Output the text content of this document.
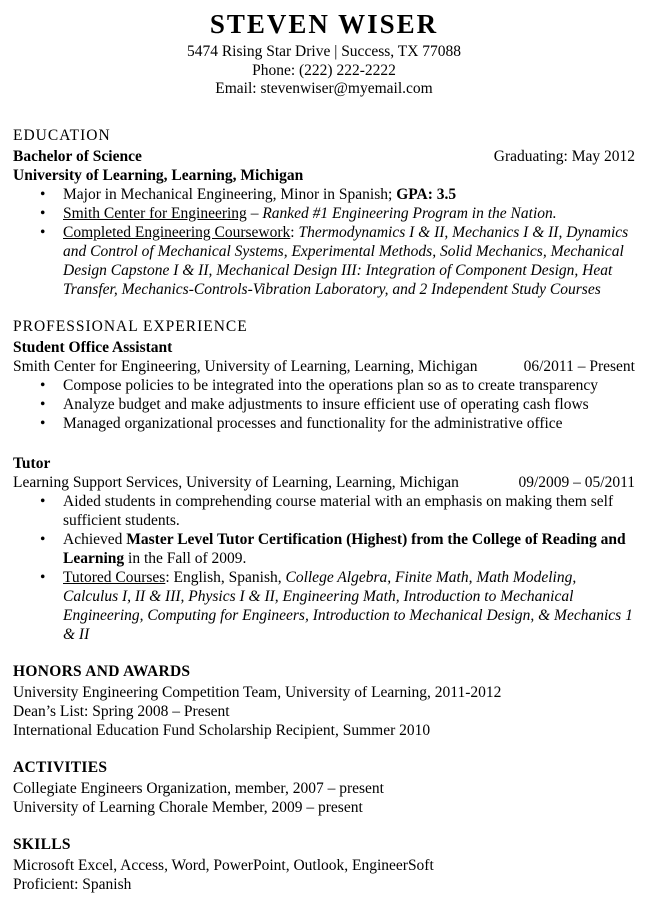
STEVEN WISER
5474 Rising Star Drive | Success, TX 77088
Phone: (222) 222-2222
Email: stevenwiser@myemail.com
EDUCATION
Bachelor of Science	Graduating: May 2012
University of Learning, Learning, Michigan
• Major in Mechanical Engineering, Minor in Spanish; GPA: 3.5
• Smith Center for Engineering – Ranked #1 Engineering Program in the Nation.
• Completed Engineering Coursework: Thermodynamics I & II, Mechanics I & II, Dynamics and Control of Mechanical Systems, Experimental Methods, Solid Mechanics, Mechanical Design Capstone I & II, Mechanical Design III: Integration of Component Design, Heat Transfer, Mechanics-Controls-Vibration Laboratory, and 2 Independent Study Courses
PROFESSIONAL EXPERIENCE
Student Office Assistant
Smith Center for Engineering, University of Learning, Learning, Michigan	06/2011 – Present
• Compose policies to be integrated into the operations plan so as to create transparency
• Analyze budget and make adjustments to insure efficient use of operating cash flows
• Managed organizational processes and functionality for the administrative office
Tutor
Learning Support Services, University of Learning, Learning, Michigan	09/2009 – 05/2011
• Aided students in comprehending course material with an emphasis on making them self sufficient students.
• Achieved Master Level Tutor Certification (Highest) from the College of Reading and Learning in the Fall of 2009.
• Tutored Courses: English, Spanish, College Algebra, Finite Math, Math Modeling, Calculus I, II & III, Physics I & II, Engineering Math, Introduction to Mechanical Engineering, Computing for Engineers, Introduction to Mechanical Design, & Mechanics 1 & II
HONORS AND AWARDS
University Engineering Competition Team, University of Learning, 2011-2012
Dean’s List: Spring 2008 – Present
International Education Fund Scholarship Recipient, Summer 2010
ACTIVITIES
Collegiate Engineers Organization, member, 2007 – present
University of Learning Chorale Member, 2009 – present
SKILLS
Microsoft Excel, Access, Word, PowerPoint, Outlook, EngineerSoft
Proficient: Spanish
